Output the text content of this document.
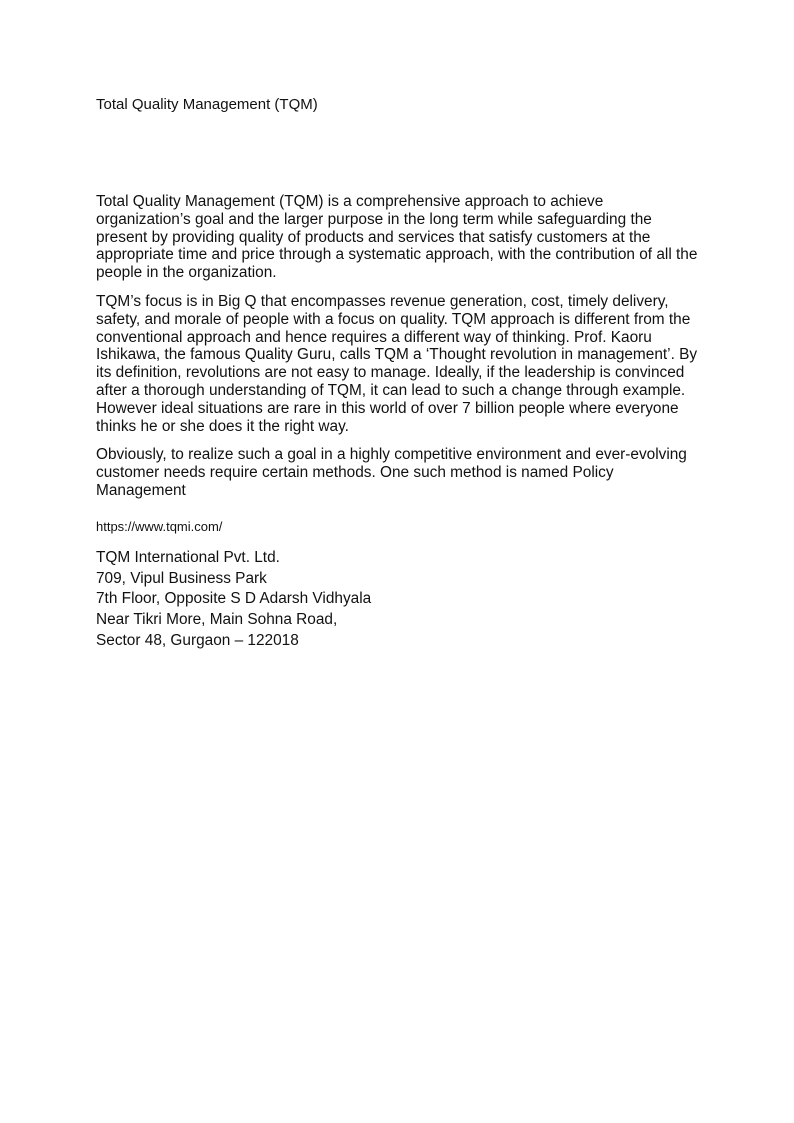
Total Quality Management (TQM)

Total Quality Management (TQM) is a comprehensive approach to achieve organization’s goal and the larger purpose in the long term while safeguarding the present by providing quality of products and services that satisfy customers at the appropriate time and price through a systematic approach, with the contribution of all the people in the organization.

TQM’s focus is in Big Q that encompasses revenue generation, cost, timely delivery, safety, and morale of people with a focus on quality. TQM approach is different from the conventional approach and hence requires a different way of thinking. Prof. Kaoru Ishikawa, the famous Quality Guru, calls TQM a ‘Thought revolution in management’. By its definition, revolutions are not easy to manage. Ideally, if the leadership is convinced after a thorough understanding of TQM, it can lead to such a change through example. However ideal situations are rare in this world of over 7 billion people where everyone thinks he or she does it the right way.

Obviously, to realize such a goal in a highly competitive environment and ever-evolving customer needs require certain methods. One such method is named Policy Management

https://www.tqmi.com/
TQM International Pvt. Ltd.
709, Vipul Business Park
7th Floor, Opposite S D Adarsh Vidhyala
Near Tikri More, Main Sohna Road,
Sector 48, Gurgaon – 122018
